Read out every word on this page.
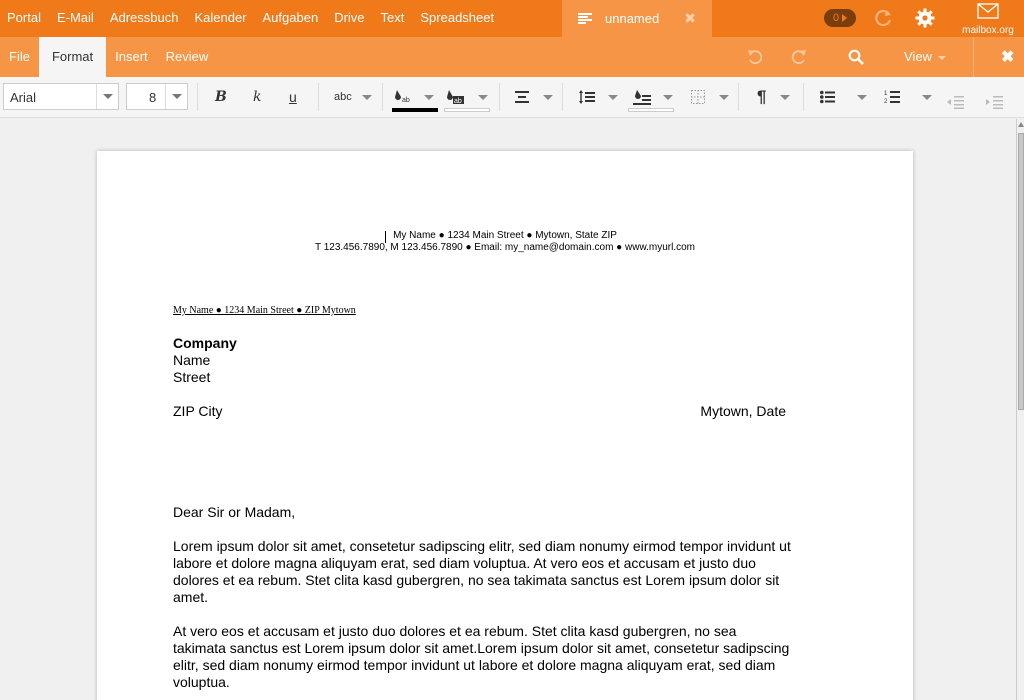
Portal	E-Mail	Adressbuch	Kalender	Aufgaben	Drive	Text	Spreadsheet	unnamed ✖	0
mailbox.org
File	Format	Insert	Review	View	✖
Arial	8	B k u	abc	ab	ab	¶	1
2
My Name ● 1234 Main Street ● Mytown, State ZIP
T 123.456.7890, M 123.456.7890 ● Email: my_name@domain.com ● www.myurl.com
My Name ● 1234 Main Street ● ZIP Mytown
Company
Name
Street
ZIP City	Mytown, Date
Dear Sir or Madam,
Lorem ipsum dolor sit amet, consetetur sadipscing elitr, sed diam nonumy eirmod tempor invidunt ut labore et dolore magna aliquyam erat, sed diam voluptua. At vero eos et accusam et justo duo dolores et ea rebum. Stet clita kasd gubergren, no sea takimata sanctus est Lorem ipsum dolor sit amet.
At vero eos et accusam et justo duo dolores et ea rebum. Stet clita kasd gubergren, no sea takimata sanctus est Lorem ipsum dolor sit amet.Lorem ipsum dolor sit amet, consetetur sadipscing elitr, sed diam nonumy eirmod tempor invidunt ut labore et dolore magna aliquyam erat, sed diam voluptua.
